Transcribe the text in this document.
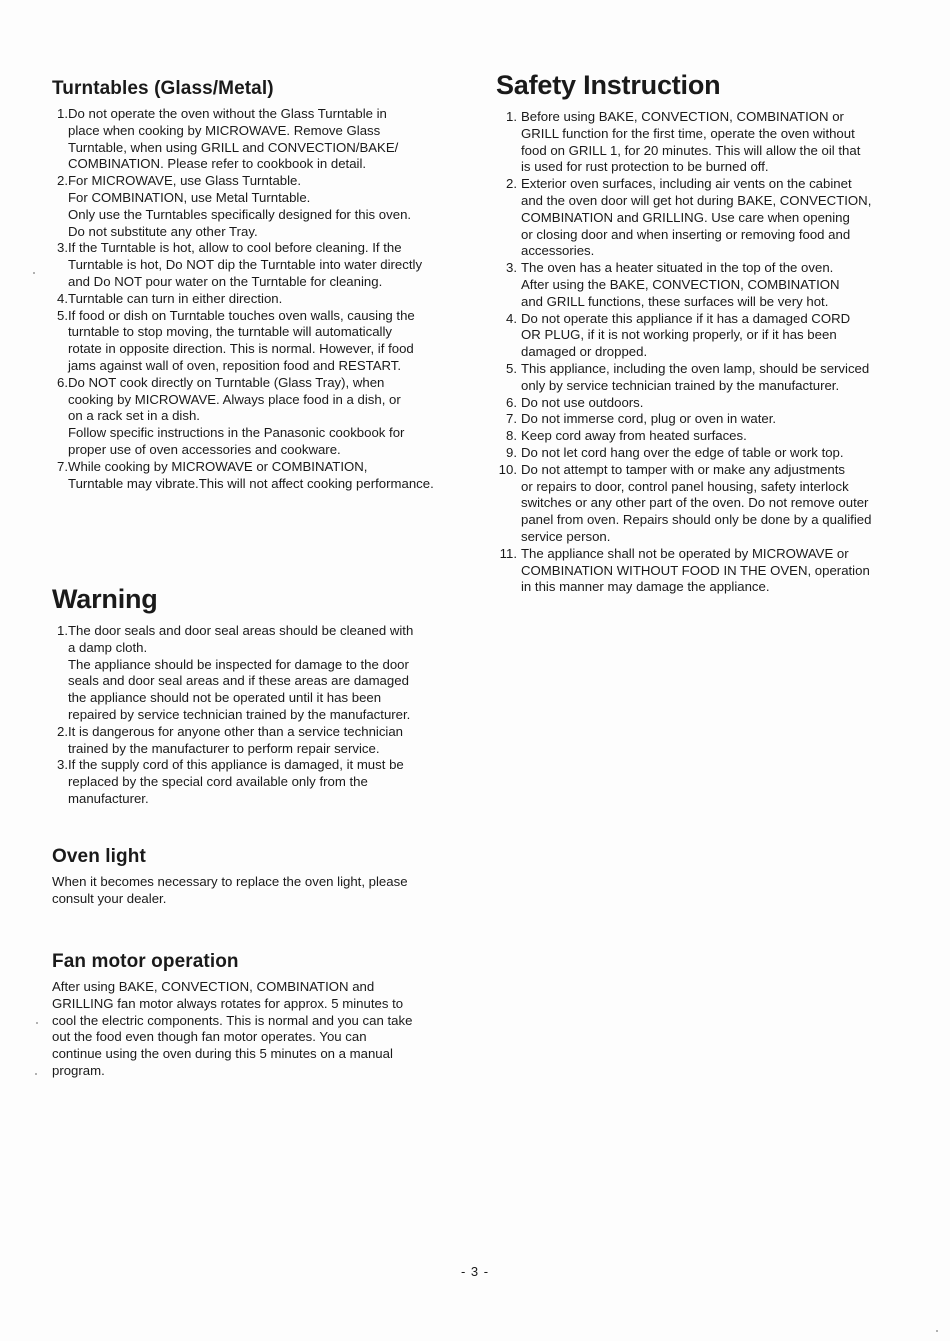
Turntables (Glass/Metal)
1. Do not operate the oven without the Glass Turntable in
place when cooking by MICROWAVE. Remove Glass
Turntable, when using GRILL and CONVECTION/BAKE/
COMBINATION. Please refer to cookbook in detail.
2. For MICROWAVE, use Glass Turntable.
For COMBINATION, use Metal Turntable.
Only use the Turntables specifically designed for this oven.
Do not substitute any other Tray.
3. If the Turntable is hot, allow to cool before cleaning. If the
Turntable is hot, Do NOT dip the Turntable into water directly
and Do NOT pour water on the Turntable for cleaning.
4. Turntable can turn in either direction.
5. If food or dish on Turntable touches oven walls, causing the
turntable to stop moving, the turntable will automatically
rotate in opposite direction. This is normal. However, if food
jams against wall of oven, reposition food and RESTART.
6. Do NOT cook directly on Turntable (Glass Tray), when
cooking by MICROWAVE. Always place food in a dish, or
on a rack set in a dish.
Follow specific instructions in the Panasonic cookbook for
proper use of oven accessories and cookware.
7. While cooking by MICROWAVE or COMBINATION,
Turntable may vibrate.This will not affect cooking performance.
Safety Instruction
1. Before using BAKE, CONVECTION, COMBINATION or
GRILL function for the first time, operate the oven without
food on GRILL 1, for 20 minutes. This will allow the oil that
is used for rust protection to be burned off.
2. Exterior oven surfaces, including air vents on the cabinet
and the oven door will get hot during BAKE, CONVECTION,
COMBINATION and GRILLING. Use care when opening
or closing door and when inserting or removing food and
accessories.
3. The oven has a heater situated in the top of the oven.
After using the BAKE, CONVECTION, COMBINATION
and GRILL functions, these surfaces will be very hot.
4. Do not operate this appliance if it has a damaged CORD
OR PLUG, if it is not working properly, or if it has been
damaged or dropped.
5. This appliance, including the oven lamp, should be serviced
only by service technician trained by the manufacturer.
6. Do not use outdoors.
7. Do not immerse cord, plug or oven in water.
8. Keep cord away from heated surfaces.
9. Do not let cord hang over the edge of table or work top.
10. Do not attempt to tamper with or make any adjustments
or repairs to door, control panel housing, safety interlock
switches or any other part of the oven. Do not remove outer
panel from oven. Repairs should only be done by a qualified
service person.
11. The appliance shall not be operated by MICROWAVE or
COMBINATION WITHOUT FOOD IN THE OVEN, operation
in this manner may damage the appliance.
Warning
1. The door seals and door seal areas should be cleaned with
a damp cloth.
The appliance should be inspected for damage to the door
seals and door seal areas and if these areas are damaged
the appliance should not be operated until it has been
repaired by service technician trained by the manufacturer.
2. It is dangerous for anyone other than a service technician
trained by the manufacturer to perform repair service.
3. If the supply cord of this appliance is damaged, it must be
replaced by the special cord available only from the
manufacturer.
Oven light

When it becomes necessary to replace the oven light, please
consult your dealer.

Fan motor operation

After using BAKE, CONVECTION, COMBINATION and
GRILLING fan motor always rotates for approx. 5 minutes to
cool the electric components. This is normal and you can take
out the food even though fan motor operates. You can
continue using the oven during this 5 minutes on a manual
program.

- 3 -
